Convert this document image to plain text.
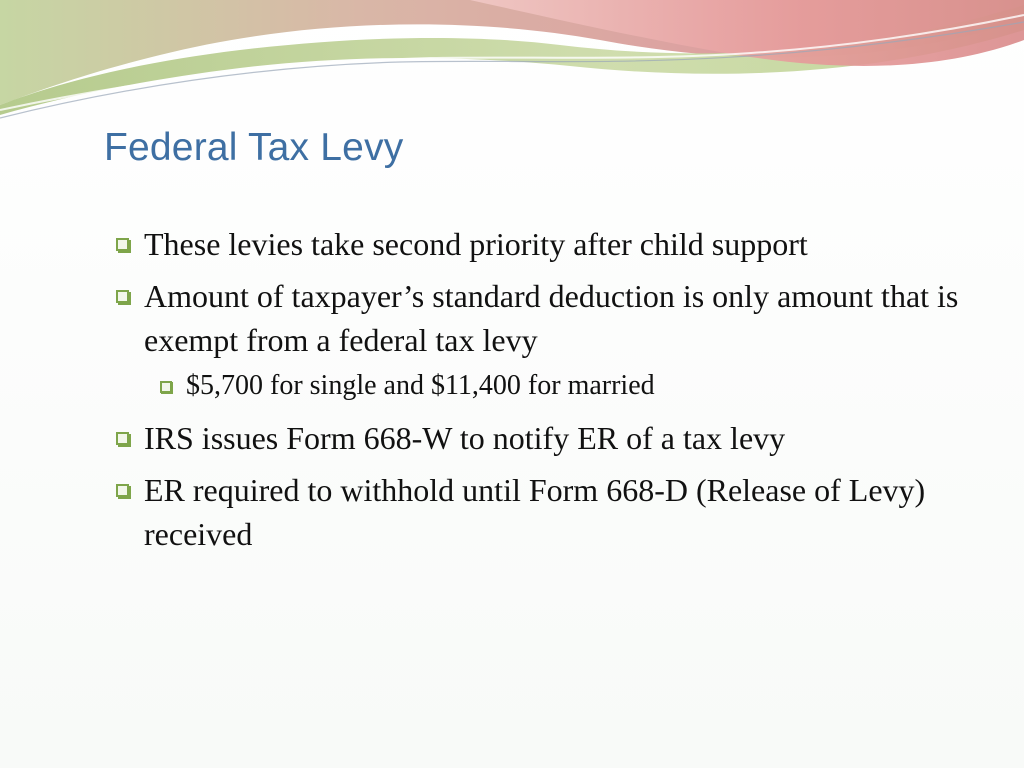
Federal Tax Levy
These levies take second priority after child support
Amount of taxpayer’s standard deduction is only amount that is exempt from a federal tax levy
$5,700 for single and $11,400 for married
IRS issues Form 668-W to notify ER of a tax levy
ER required to withhold until Form 668-D (Release of Levy) received
